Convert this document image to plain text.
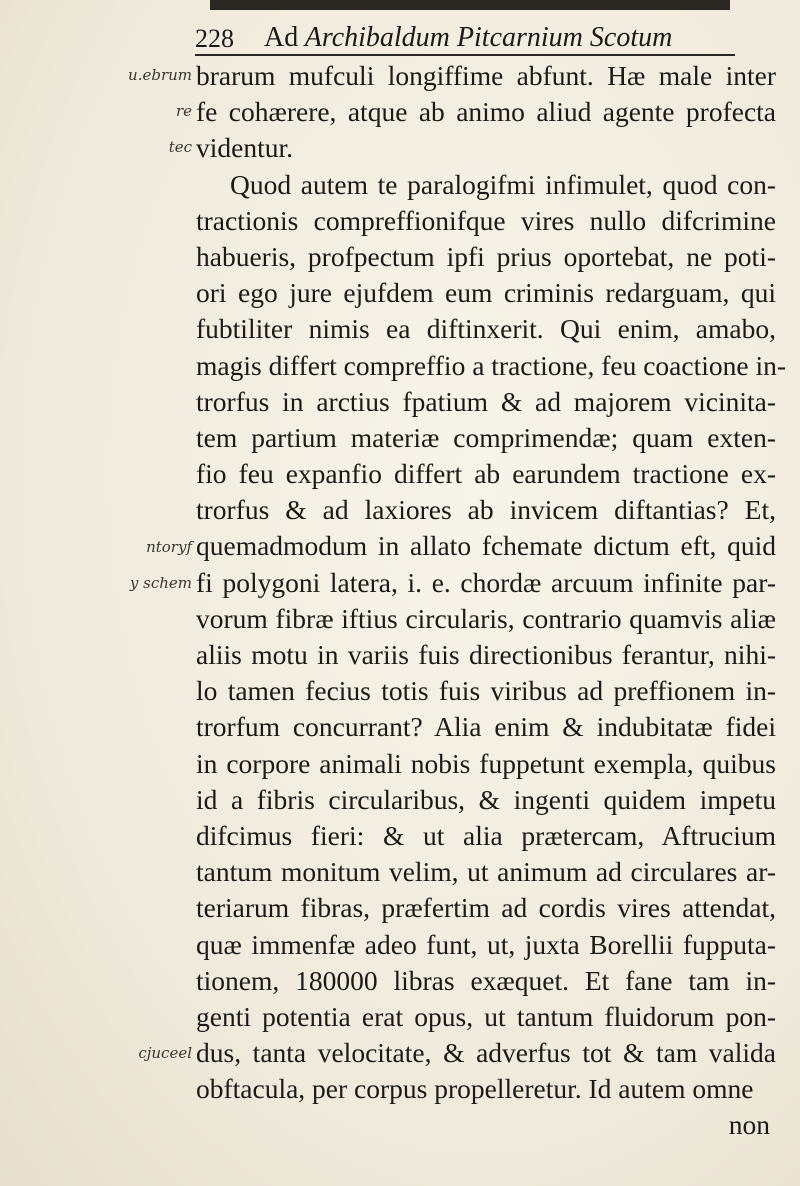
228 Ad Archibaldum Pitcarnium Scotum
u.ebrum
re
tec
ntoryf
y schem
cjuceel
brarum mufculi longiffime abfunt. Hæ male inter
fe cohærere, atque ab animo aliud agente profecta
videntur.
Quod autem te paralogifmi infimulet, quod con-
tractionis compreffionifque vires nullo difcrimine
habueris, profpectum ipfi prius oportebat, ne poti-
ori ego jure ejufdem eum criminis redarguam, qui
fubtiliter nimis ea diftinxerit. Qui enim, amabo,
magis differt compreffio a tractione, feu coactione in-
trorfus in arctius fpatium & ad majorem vicinita-
tem partium materiæ comprimendæ; quam exten-
fio feu expanfio differt ab earundem tractione ex-
trorfus & ad laxiores ab invicem diftantias? Et,
quemadmodum in allato fchemate dictum eft, quid
fi polygoni latera, i. e. chordæ arcuum infinite par-
vorum fibræ iftius circularis, contrario quamvis aliæ
aliis motu in variis fuis directionibus ferantur, nihi-
lo tamen fecius totis fuis viribus ad preffionem in-
trorfum concurrant? Alia enim & indubitatæ fidei
in corpore animali nobis fuppetunt exempla, quibus
id a fibris circularibus, & ingenti quidem impetu
difcimus fieri: & ut alia prætercam, Aftrucium
tantum monitum velim, ut animum ad circulares ar-
teriarum fibras, præfertim ad cordis vires attendat,
quæ immenfæ adeo funt, ut, juxta Borellii fupputa-
tionem, 180000 libras exæquet. Et fane tam in-
genti potentia erat opus, ut tantum fluidorum pon-
dus, tanta velocitate, & adverfus tot & tam valida
obftacula, per corpus propelleretur. Id autem omne
non
